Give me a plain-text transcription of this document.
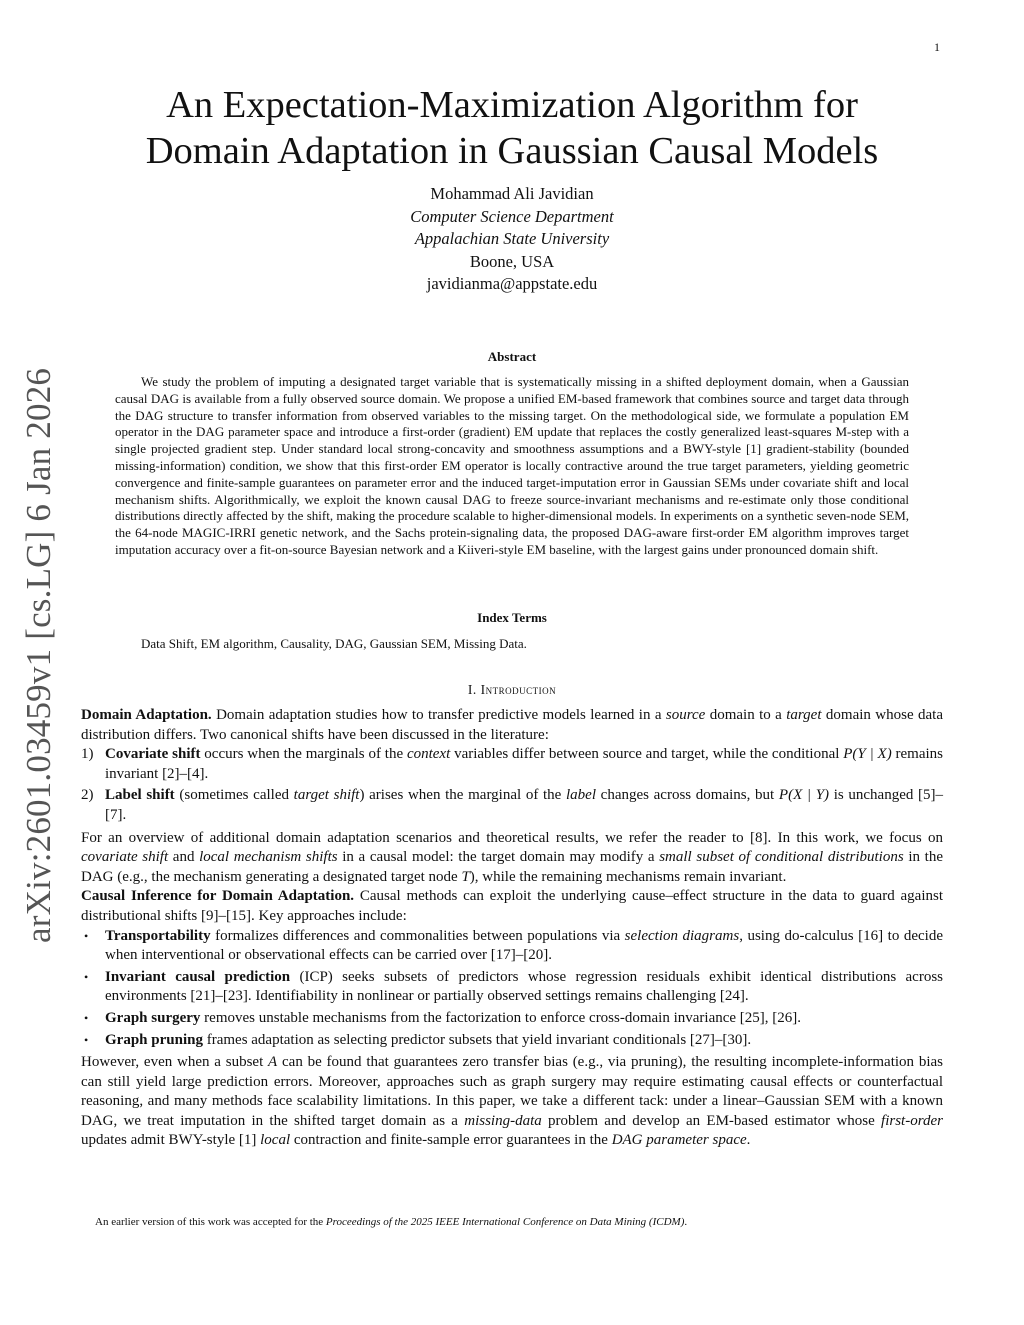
1
arXiv:2601.03459v1 [cs.LG] 6 Jan 2026
An Expectation-Maximization Algorithm for
Domain Adaptation in Gaussian Causal Models
Mohammad Ali Javidian
Computer Science Department
Appalachian State University
Boone, USA
javidianma@appstate.edu
Abstract

We study the problem of imputing a designated target variable that is systematically missing in a shifted deployment domain, when a Gaussian causal DAG is available from a fully observed source domain. We propose a unified EM-based framework that combines source and target data through the DAG structure to transfer information from observed variables to the missing target. On the methodological side, we formulate a population EM operator in the DAG parameter space and introduce a first-order (gradient) EM update that replaces the costly generalized least-squares M-step with a single projected gradient step. Under standard local strong-concavity and smoothness assumptions and a BWY-style [1] gradient-stability (bounded missing-information) condition, we show that this first-order EM operator is locally contractive around the true target parameters, yielding geometric convergence and finite-sample guarantees on parameter error and the induced target-imputation error in Gaussian SEMs under covariate shift and local mechanism shifts. Algorithmically, we exploit the known causal DAG to freeze source-invariant mechanisms and re-estimate only those conditional distributions directly affected by the shift, making the procedure scalable to higher-dimensional models. In experiments on a synthetic seven-node SEM, the 64-node MAGIC-IRRI genetic network, and the Sachs protein-signaling data, the proposed DAG-aware first-order EM algorithm improves target imputation accuracy over a fit-on-source Bayesian network and a Kiiveri-style EM baseline, with the largest gains under pronounced domain shift.

Index Terms
Data Shift, EM algorithm, Causality, DAG, Gaussian SEM, Missing Data.
I. Introduction

Domain Adaptation. Domain adaptation studies how to transfer predictive models learned in a source domain to a target domain whose data distribution differs. Two canonical shifts have been discussed in the literature:

1) Covariate shift occurs when the marginals of the context variables differ between source and target, while the conditional P(Y | X) remains invariant [2]–[4].
2) Label shift (sometimes called target shift) arises when the marginal of the label changes across domains, but P(X | Y) is unchanged [5]–[7].

For an overview of additional domain adaptation scenarios and theoretical results, we refer the reader to [8]. In this work, we focus on covariate shift and local mechanism shifts in a causal model: the target domain may modify a small subset of conditional distributions in the DAG (e.g., the mechanism generating a designated target node T), while the remaining mechanisms remain invariant.

Causal Inference for Domain Adaptation. Causal methods can exploit the underlying cause–effect structure in the data to guard against distributional shifts [9]–[15]. Key approaches include:

• Transportability formalizes differences and commonalities between populations via selection diagrams, using do-calculus [16] to decide when interventional or observational effects can be carried over [17]–[20].
• Invariant causal prediction (ICP) seeks subsets of predictors whose regression residuals exhibit identical distributions across environments [21]–[23]. Identifiability in nonlinear or partially observed settings remains challenging [24].
• Graph surgery removes unstable mechanisms from the factorization to enforce cross-domain invariance [25], [26].
• Graph pruning frames adaptation as selecting predictor subsets that yield invariant conditionals [27]–[30].

However, even when a subset A can be found that guarantees zero transfer bias (e.g., via pruning), the resulting incomplete-information bias can still yield large prediction errors. Moreover, approaches such as graph surgery may require estimating causal effects or counterfactual reasoning, and many methods face scalability limitations. In this paper, we take a different tack: under a linear–Gaussian SEM with a known DAG, we treat imputation in the shifted target domain as a missing-data problem and develop an EM-based estimator whose first-order updates admit BWY-style [1] local contraction and finite-sample error guarantees in the DAG parameter space.

An earlier version of this work was accepted for the Proceedings of the 2025 IEEE International Conference on Data Mining (ICDM).
